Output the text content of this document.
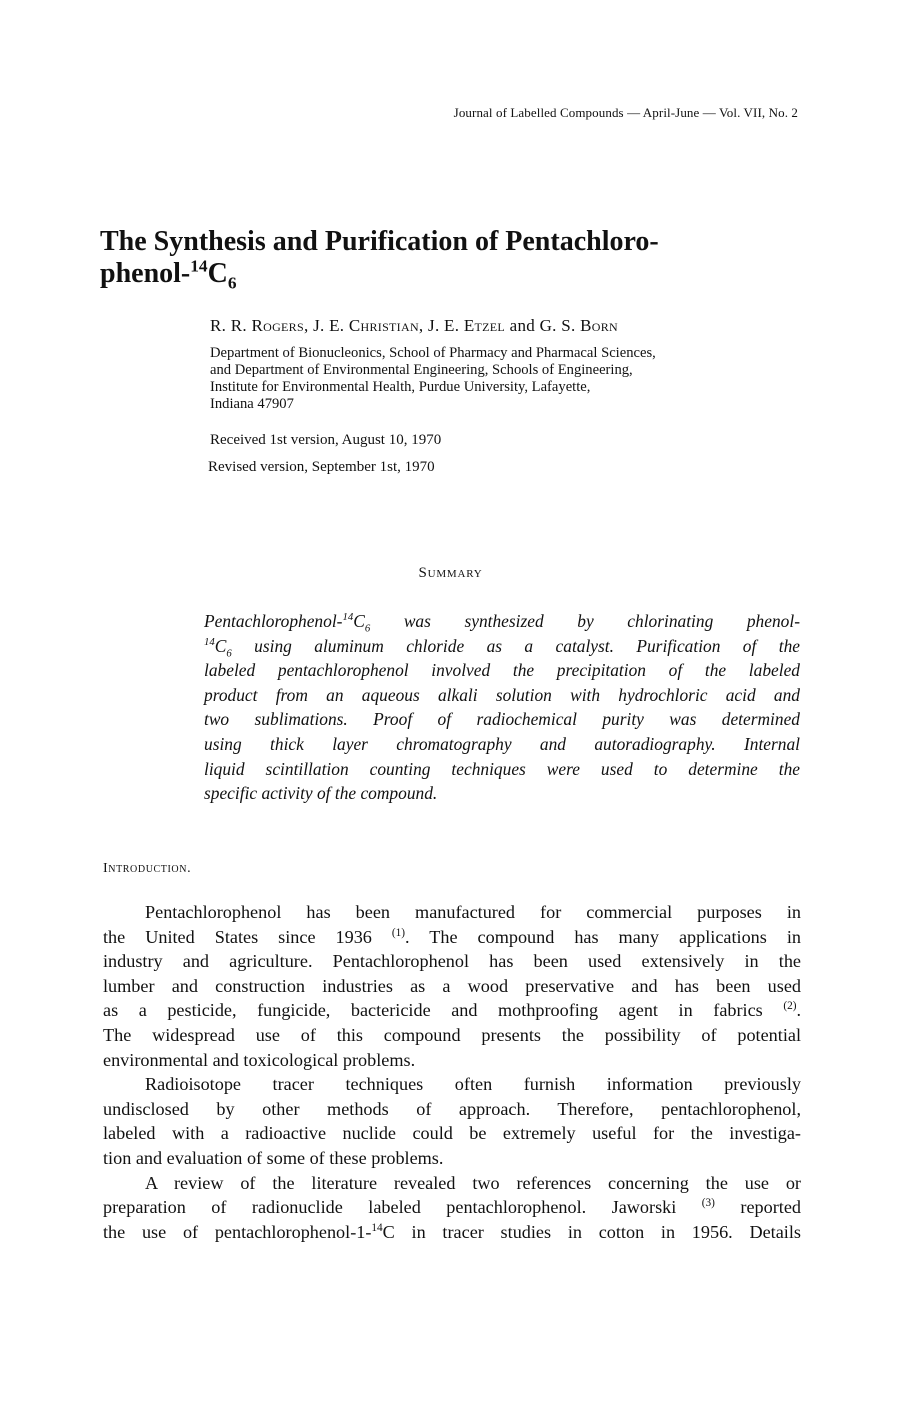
Journal of Labelled Compounds — April-June — Vol. VII, No. 2
The Synthesis and Purification of Pentachloro-
phenol-$^{14}C_6$
R. R. Rogers, J. E. Christian, J. E. Etzel and G. S. Born
Department of Bionucleonics, School of Pharmacy and Pharmacal Sciences,
and Department of Environmental Engineering, Schools of Engineering,
Institute for Environmental Health, Purdue University, Lafayette,
Indiana 47907
Received 1st version, August 10, 1970
Revised version, September 1st, 1970
Summary
Pentachlorophenol-$^{14}C_6$ was synthesized by chlorinating phenol-
$^{14}C_6$ using aluminum chloride as a catalyst. Purification of the
labeled pentachlorophenol involved the precipitation of the labeled
product from an aqueous alkali solution with hydrochloric acid and
two sublimations. Proof of radiochemical purity was determined
using thick layer chromatography and autoradiography. Internal
liquid scintillation counting techniques were used to determine the
specific activity of the compound.
Introduction.
Pentachlorophenol has been manufactured for commercial purposes in
the United States since 1936 $^{(1)}$. The compound has many applications in
industry and agriculture. Pentachlorophenol has been used extensively in the
lumber and construction industries as a wood preservative and has been used
as a pesticide, fungicide, bactericide and mothproofing agent in fabrics $^{(2)}$.
The widespread use of this compound presents the possibility of potential
environmental and toxicological problems.
Radioisotope tracer techniques often furnish information previously
undisclosed by other methods of approach. Therefore, pentachlorophenol,
labeled with a radioactive nuclide could be extremely useful for the investiga-
tion and evaluation of some of these problems.
A review of the literature revealed two references concerning the use or
preparation of radionuclide labeled pentachlorophenol. Jaworski $^{(3)}$ reported
the use of pentachlorophenol-1-$^{14}$C in tracer studies in cotton in 1956. Details
